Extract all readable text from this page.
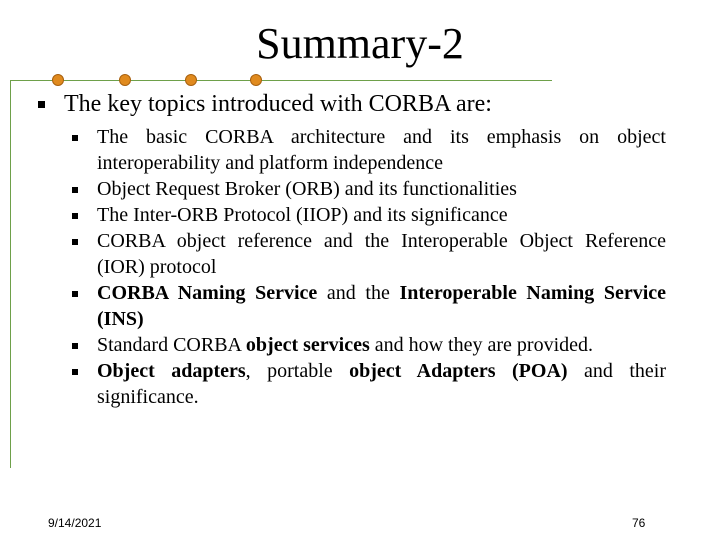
Summary-2
The key topics introduced with CORBA are:
The basic CORBA architecture and its emphasis on object interoperability and platform independence
Object Request Broker (ORB) and its functionalities
The Inter-ORB Protocol (IIOP) and its significance
CORBA object reference and the Interoperable Object Reference (IOR) protocol
CORBA Naming Service and the Interoperable Naming Service (INS)
Standard CORBA object services and how they are provided.
Object adapters, portable object Adapters (POA) and their significance.
9/14/2021	76
